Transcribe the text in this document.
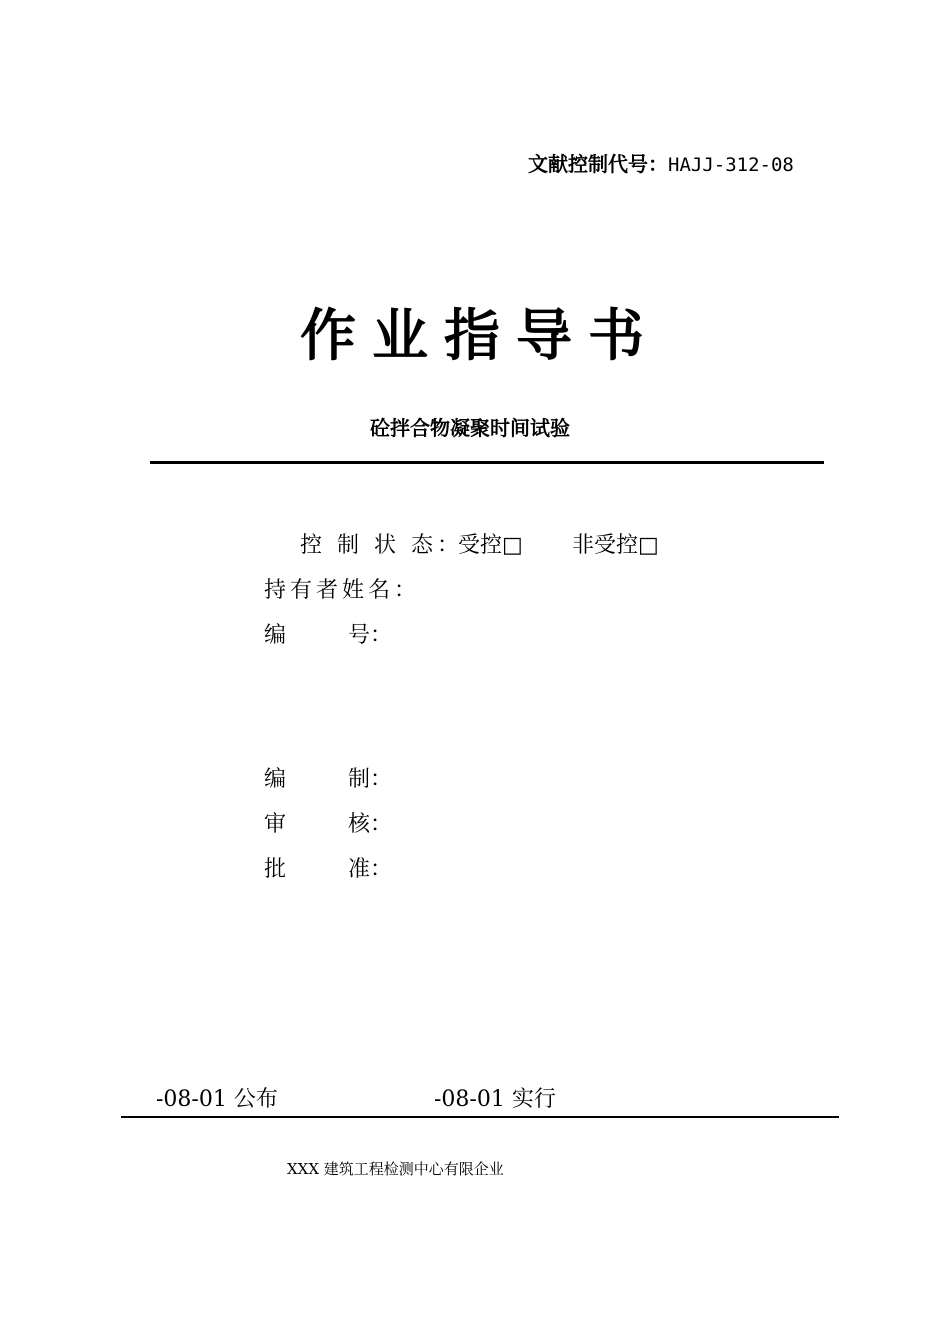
文献控制代号：HAJJ-312-08
作业指导书
砼拌合物凝聚时间试验
控 制 状 态：
受控□ 非受控□
持有者姓名：
编	号：
编	制：
审	核：
批	准：
-08-01 公布	-08-01 实行
XXX 建筑工程检测中心有限企业
